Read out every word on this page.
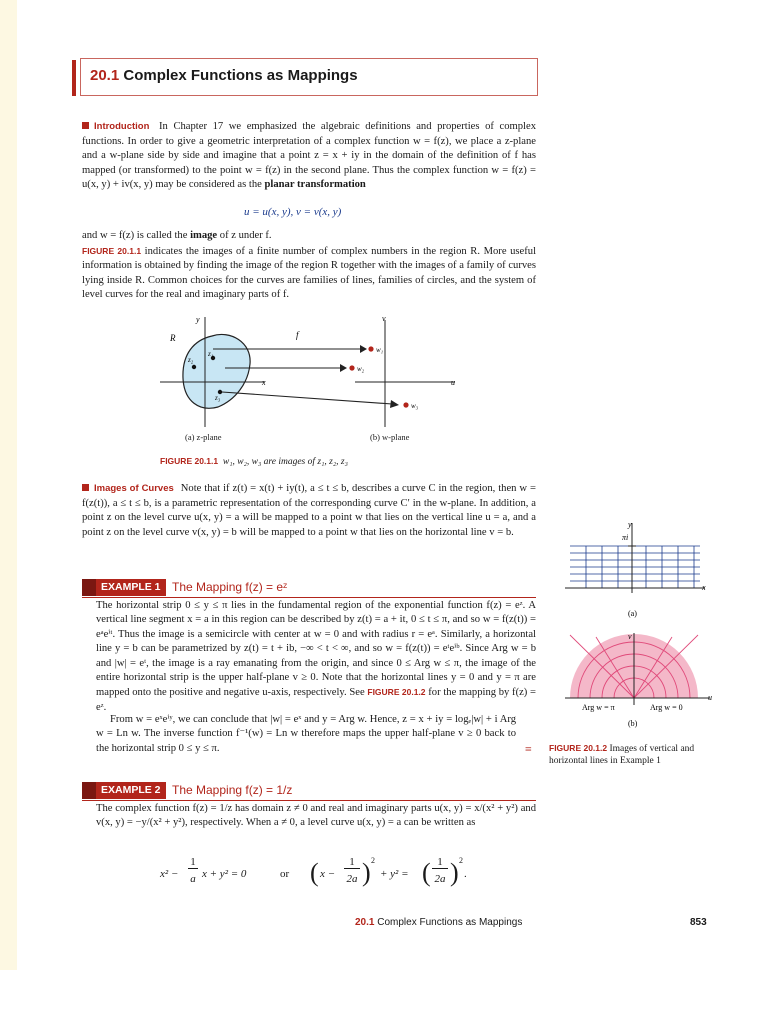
20.1 Complex Functions as Mappings

Introduction In Chapter 17 we emphasized the algebraic definitions and properties of complex functions. In order to give a geometric interpretation of a complex function w = f(z), we place a z-plane and a w-plane side by side and imagine that a point z = x + iy in the domain of the definition of f has mapped (or transformed) to the point w = f(z) in the second plane. Thus the complex function w = f(z) = u(x, y) + iv(x, y) may be considered as the planar transformation

u = u(x, y), v = v(x, y)

and w = f(z) is called the image of z under f.
FIGURE 20.1.1 indicates the images of a finite number of complex numbers in the region R. More useful information is obtained by finding the image of the region R together with the images of a family of curves lying inside R. Common choices for the curves are families of lines, families of circles, and the system of level curves for the real and imaginary parts of f.

R
y
x
v
u
f
z₁
z₂
z₃
w₁
w₂
w₃
(a) z-plane	(b) w-plane
FIGURE 20.1.1 w₁, w₂, w₃ are images of z₁, z₂, z₃

Images of Curves Note that if z(t) = x(t) + iy(t), a ≤ t ≤ b, describes a curve C in the region, then w = f(z(t)), a ≤ t ≤ b, is a parametric representation of the corresponding curve C′ in the w-plane. In addition, a point z on the level curve u(x, y) = a will be mapped to a point w that lies on the vertical line u = a, and a point z on the level curve v(x, y) = b will be mapped to a point w that lies on the horizontal line v = b.

EXAMPLE 1 The Mapping f(z) = eᶻ

The horizontal strip 0 ≤ y ≤ π lies in the fundamental region of the exponential function f(z) = eᶻ. A vertical line segment x = a in this region can be described by z(t) = a + it, 0 ≤ t ≤ π, and so w = f(z(t)) = eᵃeⁱᵗ. Thus the image is a semicircle with center at w = 0 and with radius r = eᵃ. Similarly, a horizontal line y = b can be parametrized by z(t) = t + ib, −∞ < t < ∞, and so w = f(z(t)) = eᵗeⁱᵇ. Since Arg w = b and |w| = eᵗ, the image is a ray emanating from the origin, and since 0 ≤ Arg w ≤ π, the image of the entire horizontal strip is the upper half-plane v ≥ 0. Note that the horizontal lines y = 0 and y = π are mapped onto the positive and negative u-axis, respectively. See FIGURE 20.1.2 for the mapping by f(z) = eᶻ.

From w = eˣeⁱʸ, we can conclude that |w| = eˣ and y = Arg w. Hence, z = x + iy = logₑ|w| + i Arg w = Ln w. The inverse function f⁻¹(w) = Ln w therefore maps the upper half-plane v ≥ 0 back to the horizontal strip 0 ≤ y ≤ π.	≡
y
πi
x
(a)
v
u
Arg w = π	Arg w = 0
(b)
FIGURE 20.1.2 Images of vertical and horizontal lines in Example 1
EXAMPLE 2 The Mapping f(z) = 1/z

The complex function f(z) = 1/z has domain z ≠ 0 and real and imaginary parts u(x, y) = x/(x² + y²) and v(x, y) = −y/(x² + y²), respectively. When a ≠ 0, a level curve u(x, y) = a can be written as

x² −
1
a x + y² = 0	or ( x −
1
2a ) 2
+ y² = ( 1
2a ) 2
.
20.1 Complex Functions as Mappings	853
